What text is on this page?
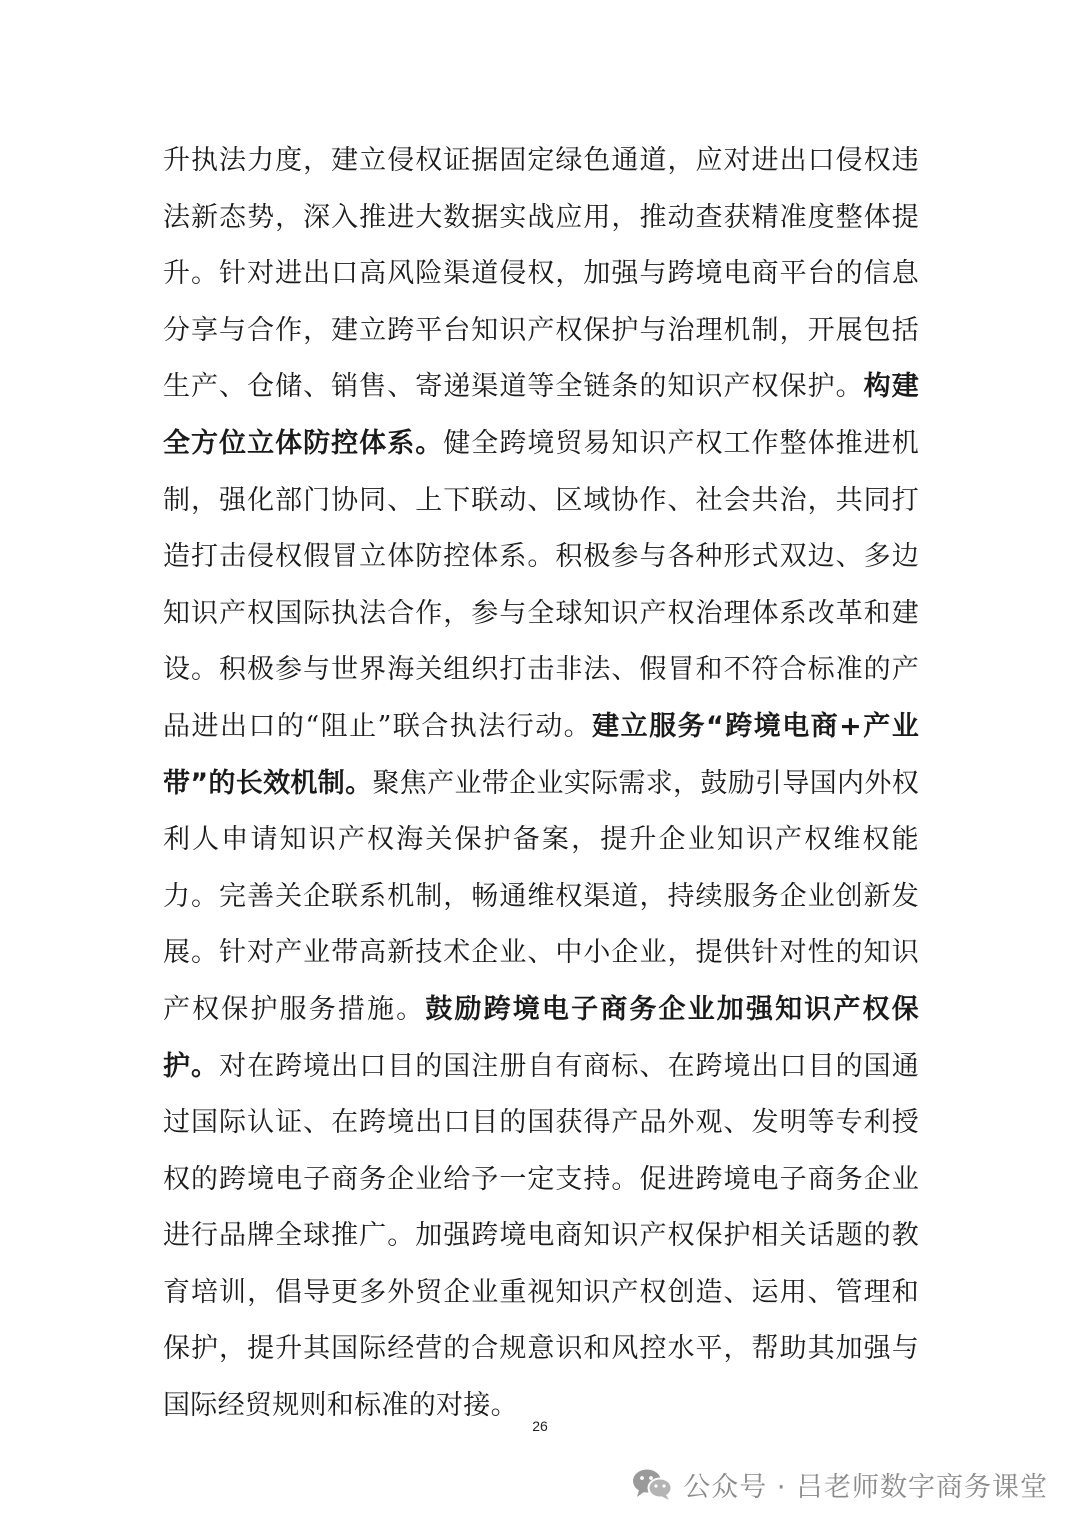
升执法力度，建立侵权证据固定绿色通道，应对进出口侵权违法新态势，深入推进大数据实战应用，推动查获精准度整体提升。针对进出口高风险渠道侵权，加强与跨境电商平台的信息分享与合作，建立跨平台知识产权保护与治理机制，开展包括生产、仓储、销售、寄递渠道等全链条的知识产权保护。构建全方位立体防控体系。健全跨境贸易知识产权工作整体推进机制，强化部门协同、上下联动、区域协作、社会共治，共同打造打击侵权假冒立体防控体系。积极参与各种形式双边、多边知识产权国际执法合作，参与全球知识产权治理体系改革和建设。积极参与世界海关组织打击非法、假冒和不符合标准的产品进出口的“阻止”联合执法行动。建立服务“跨境电商+产业带”的长效机制。聚焦产业带企业实际需求，鼓励引导国内外权利人申请知识产权海关保护备案，提升企业知识产权维权能力。完善关企联系机制，畅通维权渠道，持续服务企业创新发展。针对产业带高新技术企业、中小企业，提供针对性的知识产权保护服务措施。鼓励跨境电子商务企业加强知识产权保护。对在跨境出口目的国注册自有商标、在跨境出口目的国通过国际认证、在跨境出口目的国获得产品外观、发明等专利授权的跨境电子商务企业给予一定支持。促进跨境电子商务企业进行品牌全球推广。加强跨境电商知识产权保护相关话题的教育培训，倡导更多外贸企业重视知识产权创造、运用、管理和保护，提升其国际经营的合规意识和风控水平，帮助其加强与国际经贸规则和标准的对接。

26
公众号 · 吕老师数字商务课堂
